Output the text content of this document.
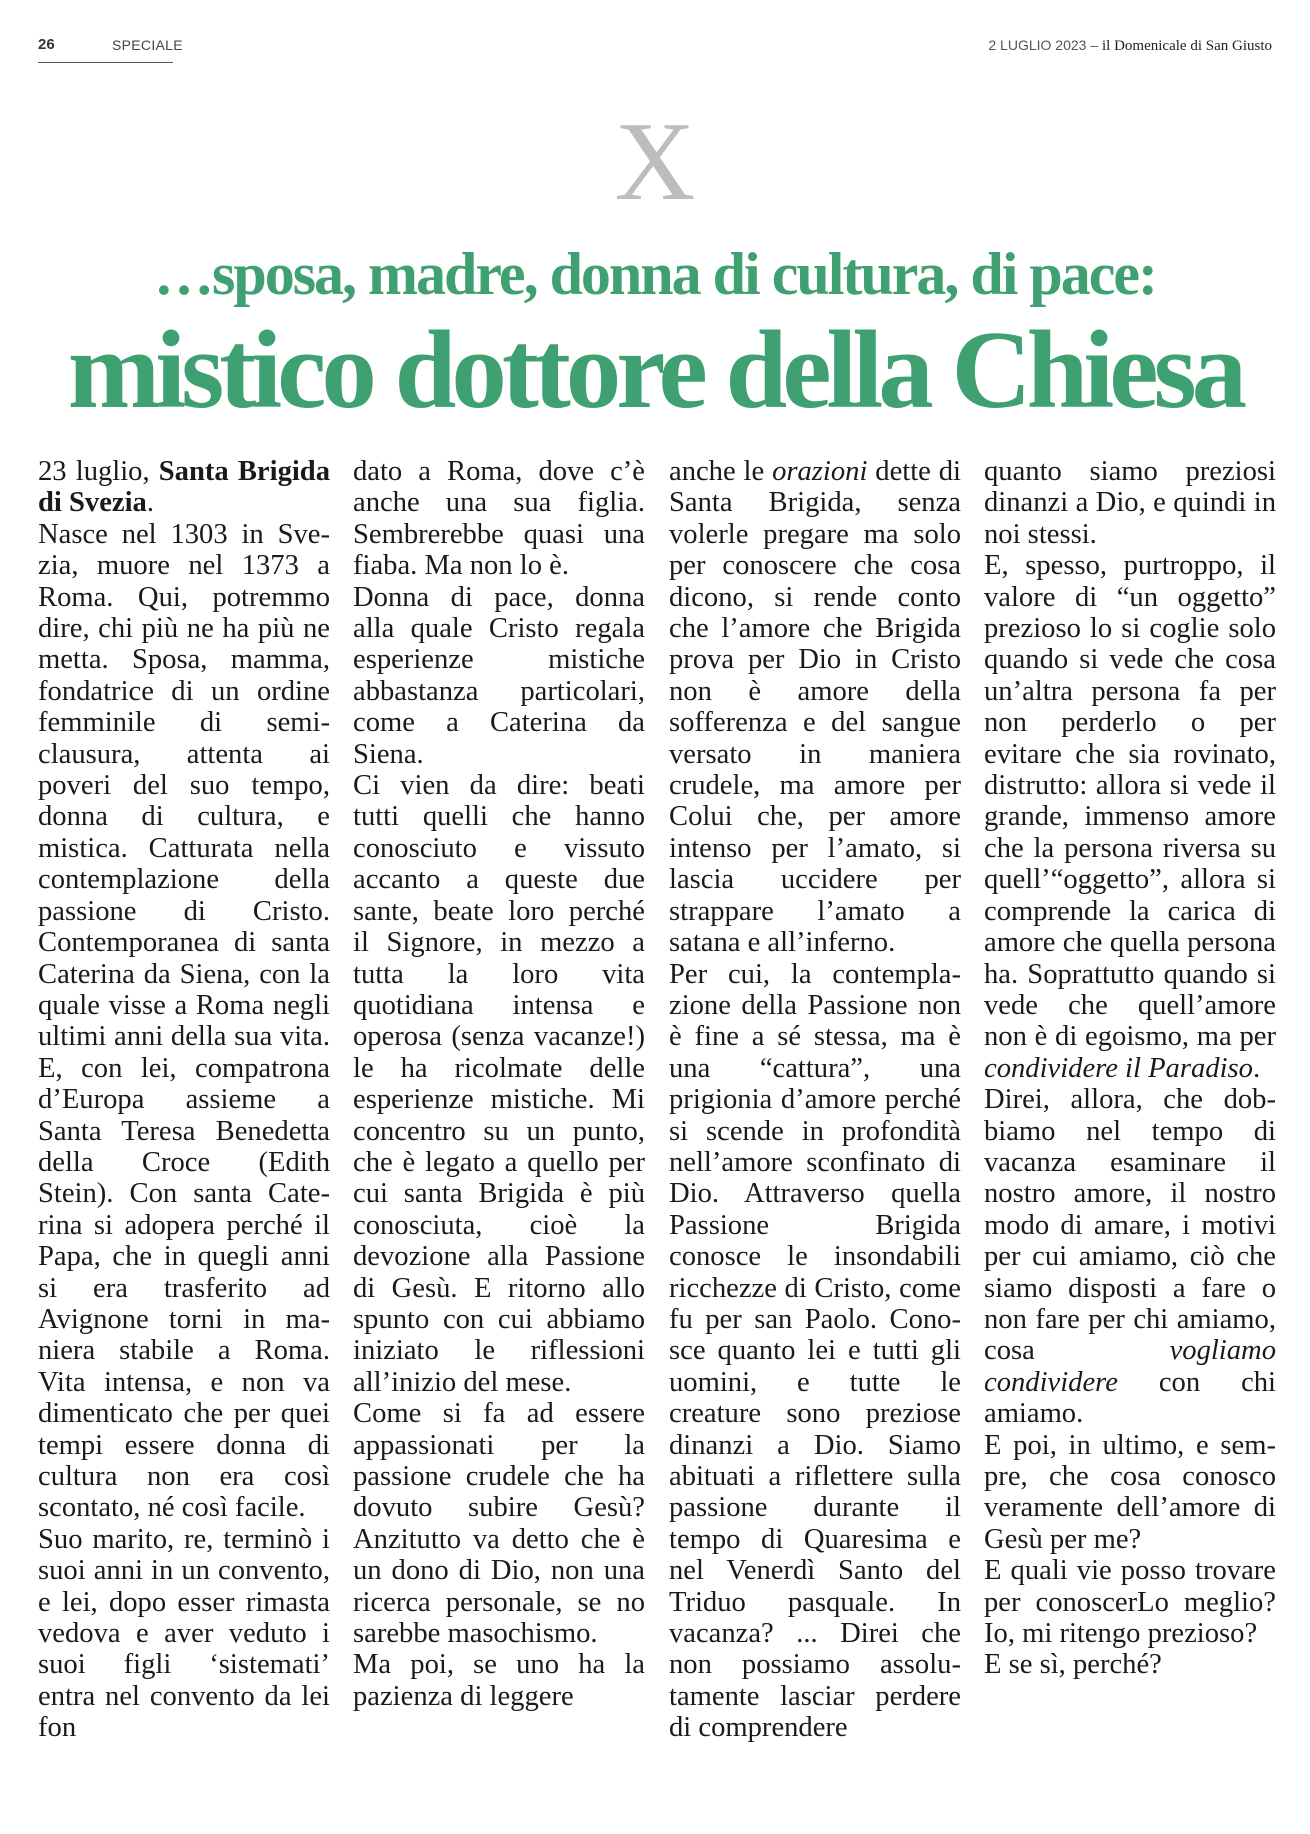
26	SPECIALE	2 LUGLIO 2023 – il Domenicale di San Giusto
X
…sposa, madre, donna di cultura, di pace:
mistico dottore della Chiesa

23 luglio, Santa Brigida di Svezia.

Nasce nel 1303 in Svezia, muore nel 1373 a Roma. Qui, potremmo dire, chi più ne ha più ne metta. Sposa, mamma, fondatrice di un ordine femminile di semi-clausura, attenta ai poveri del suo tempo, donna di cultura, e mistica. Catturata nella contemplazione della passione di Cristo. Contemporanea di santa Caterina da Siena, con la quale visse a Roma negli ultimi anni della sua vita. E, con lei, compatrona d’Europa assieme a Santa Teresa Benedetta della Croce (Edith Stein). Con santa Caterina si adopera perché il Papa, che in quegli anni si era trasferito ad Avignone torni in maniera stabile a Roma. Vita intensa, e non va dimenticato che per quei tempi essere donna di cultura non era così scontato, né così facile.

Suo marito, re, terminò i suoi anni in un convento, e lei, dopo esser rimasta vedova e aver veduto i suoi figli ‘sistemati’ entra nel convento da lei fon

dato a Roma, dove c’è anche una sua figlia. Sembrerebbe quasi una fiaba. Ma non lo è.

Donna di pace, donna alla quale Cristo regala esperienze mistiche abbastanza particolari, come a Caterina da Siena.

Ci vien da dire: beati tutti quelli che hanno conosciuto e vissuto accanto a queste due sante, beate loro perché il Signore, in mezzo a tutta la loro vita quotidiana intensa e operosa (senza vacanze!) le ha ricolmate delle esperienze mistiche. Mi concentro su un punto, che è legato a quello per cui santa Brigida è più conosciuta, cioè la devozione alla Passione di Gesù. E ritorno allo spunto con cui abbiamo iniziato le riflessioni all’inizio del mese.

Come si fa ad essere appassionati per la passione crudele che ha dovuto subire Gesù? Anzitutto va detto che è un dono di Dio, non una ricerca personale, se no sarebbe masochismo.

Ma poi, se uno ha la pazienza di leggere

anche le orazioni dette di Santa Brigida, senza volerle pregare ma solo per conoscere che cosa dicono, si rende conto che l’amore che Brigida prova per Dio in Cristo non è amore della sofferenza e del sangue versato in maniera crudele, ma amore per Colui che, per amore intenso per l’amato, si lascia uccidere per strappare l’amato a satana e all’inferno.

Per cui, la contemplazione della Passione non è fine a sé stessa, ma è una “cattura”, una prigionia d’amore perché si scende in profondità nell’amore sconfinato di Dio. Attraverso quella Passione Brigida conosce le insondabili ricchezze di Cristo, come fu per san Paolo. Conosce quanto lei e tutti gli uomini, e tutte le creature sono preziose dinanzi a Dio. Siamo abituati a riflettere sulla passione durante il tempo di Quaresima e nel Venerdì Santo del Triduo pasquale. In vacanza? ... Direi che non possiamo assolutamente lasciar perdere di comprendere

quanto siamo preziosi dinanzi a Dio, e quindi in noi stessi.

E, spesso, purtroppo, il valore di “un oggetto” prezioso lo si coglie solo quando si vede che cosa un’altra persona fa per non perderlo o per evitare che sia rovinato, distrutto: allora si vede il grande, immenso amore che la persona riversa su quell’“oggetto”, allora si comprende la carica di amore che quella persona ha. Soprattutto quando si vede che quell’amore non è di egoismo, ma per condividere il Paradiso.

Direi, allora, che dobbiamo nel tempo di vacanza esaminare il nostro amore, il nostro modo di amare, i motivi per cui amiamo, ciò che siamo disposti a fare o non fare per chi amiamo, cosa vogliamo condividere con chi amiamo.

E poi, in ultimo, e sempre, che cosa conosco veramente dell’amore di Gesù per me?

E quali vie posso trovare per conoscerLo meglio? Io, mi ritengo prezioso?

E se sì, perché?
